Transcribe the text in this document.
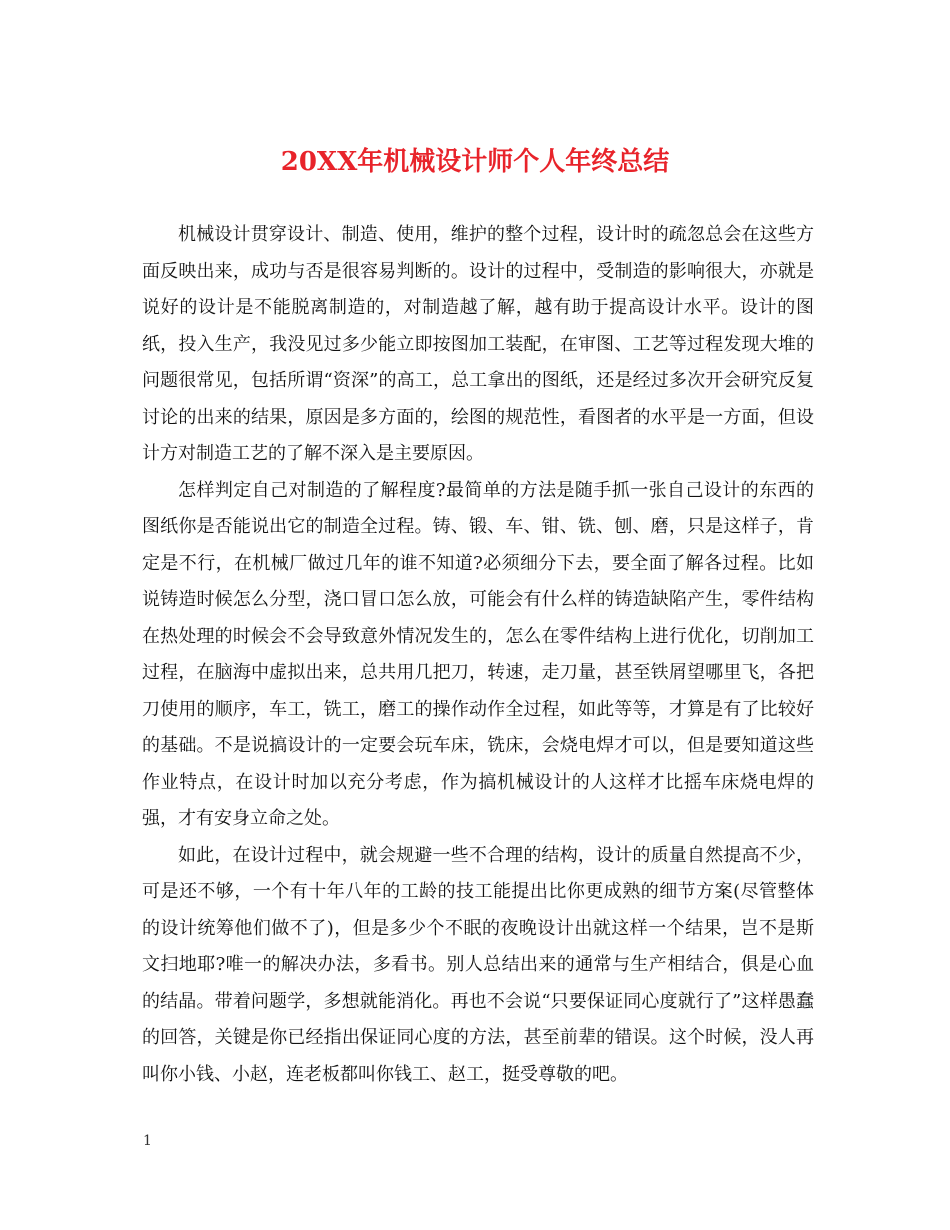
20XX年机械设计师个人年终总结

机械设计贯穿设计、制造、使用，维护的整个过程，设计时的疏忽总会在这些方面反映出来，成功与否是很容易判断的。设计的过程中，受制造的影响很大，亦就是说好的设计是不能脱离制造的，对制造越了解，越有助于提高设计水平。设计的图纸，投入生产，我没见过多少能立即按图加工装配，在审图、工艺等过程发现大堆的问题很常见，包括所谓“资深”的高工，总工拿出的图纸，还是经过多次开会研究反复讨论的出来的结果，原因是多方面的，绘图的规范性，看图者的水平是一方面，但设计方对制造工艺的了解不深入是主要原因。

怎样判定自己对制造的了解程度?最简单的方法是随手抓一张自己设计的东西的图纸你是否能说出它的制造全过程。铸、锻、车、钳、铣、刨、磨，只是这样子，肯定是不行，在机械厂做过几年的谁不知道?必须细分下去，要全面了解各过程。比如说铸造时候怎么分型，浇口冒口怎么放，可能会有什么样的铸造缺陷产生，零件结构在热处理的时候会不会导致意外情况发生的，怎么在零件结构上进行优化，切削加工过程，在脑海中虚拟出来，总共用几把刀，转速，走刀量，甚至铁屑望哪里飞，各把刀使用的顺序，车工，铣工，磨工的操作动作全过程，如此等等，才算是有了比较好的基础。不是说搞设计的一定要会玩车床，铣床，会烧电焊才可以，但是要知道这些作业特点，在设计时加以充分考虑，作为搞机械设计的人这样才比摇车床烧电焊的强，才有安身立命之处。

如此，在设计过程中，就会规避一些不合理的结构，设计的质量自然提高不少，可是还不够，一个有十年八年的工龄的技工能提出比你更成熟的细节方案(尽管整体的设计统筹他们做不了)，但是多少个不眠的夜晚设计出就这样一个结果，岂不是斯文扫地耶?唯一的解决办法，多看书。别人总结出来的通常与生产相结合，俱是心血的结晶。带着问题学，多想就能消化。再也不会说“只要保证同心度就行了”这样愚蠢的回答，关键是你已经指出保证同心度的方法，甚至前辈的错误。这个时候，没人再叫你小钱、小赵，连老板都叫你钱工、赵工，挺受尊敬的吧。

1
